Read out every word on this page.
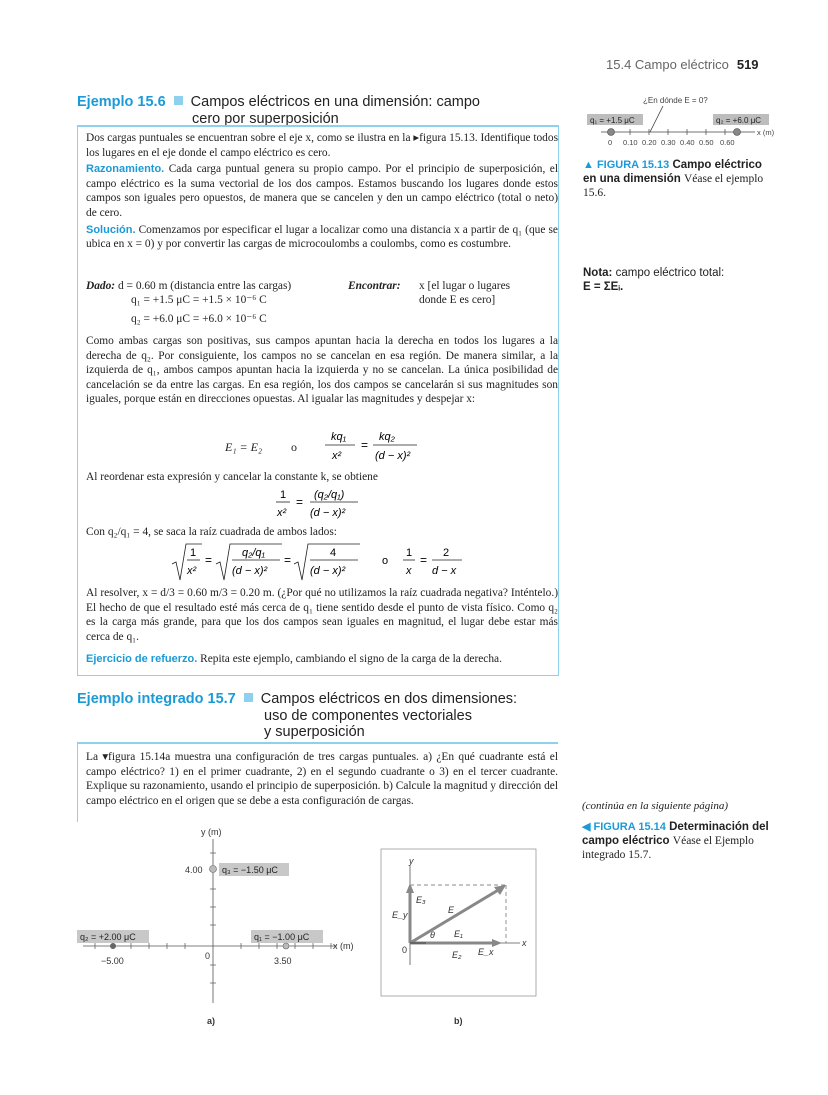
15.4 Campo eléctrico 519
Ejemplo 15.6 Campos eléctricos en una dimensión: campo
cero por superposición
Dos cargas puntuales se encuentran sobre el eje x, como se ilustra en la ▸figura 15.13. Identifique todos los lugares en el eje donde el campo eléctrico es cero.
Razonamiento. Cada carga puntual genera su propio campo. Por el principio de superposición, el campo eléctrico es la suma vectorial de los dos campos. Estamos buscando los lugares donde estos campos son iguales pero opuestos, de manera que se cancelen y den un campo eléctrico (total o neto) de cero.
Solución. Comenzamos por especificar el lugar a localizar como una distancia x a partir de q₁ (que se ubica en x = 0) y por convertir las cargas de microcoulombs a coulombs, como es costumbre.
Dado: d = 0.60 m (distancia entre las cargas)
q₁ = +1.5 μC = +1.5 × 10⁻⁶ C
q₂ = +6.0 μC = +6.0 × 10⁻⁶ C
Encontrar: x [el lugar o lugares
donde E es cero]
Como ambas cargas son positivas, sus campos apuntan hacia la derecha en todos los lugares a la derecha de q₂. Por consiguiente, los campos no se cancelan en esa región. De manera similar, a la izquierda de q₁, ambos campos apuntan hacia la izquierda y no se cancelan. La única posibilidad de cancelación se da entre las cargas. En esa región, los dos campos se cancelarán si sus magnitudes son iguales, porque están en direcciones opuestas. Al igualar las magnitudes y despejar x:
E₁ = E₂ o
kq₁
x²
=
kq₂
(d − x)²
Al reordenar esta expresión y cancelar la constante k, se obtiene
1
x²
= (q₂/q₁)
(d − x)²
Con q₂/q₁ = 4, se saca la raíz cuadrada de ambos lados:
1
x²
=	q₂/q₁
(d − x)²
=	4
(d − x)²
o
1
x
= 2
d − x
Al resolver, x = d/3 = 0.60 m/3 = 0.20 m. (¿Por qué no utilizamos la raíz cuadrada negativa? Inténtelo.) El hecho de que el resultado esté más cerca de q₁ tiene sentido desde el punto de vista físico. Como q₂ es la carga más grande, para que los dos campos sean iguales en magnitud, el lugar debe estar más cerca de q₁.
Ejercicio de refuerzo. Repita este ejemplo, cambiando el signo de la carga de la derecha.
¿En dónde E = 0?
q₁ = +1.5 μC	q₂ = +6.0 μC
x (m)
0 0.10 0.20 0.30 0.40 0.50 0.60
▲ FIGURA 15.13 Campo eléctrico en una dimensión Véase el ejemplo 15.6.
Nota: campo eléctrico total:
E = ΣEᵢ.
Ejemplo integrado 15.7 Campos eléctricos en dos dimensiones:
uso de componentes vectoriales
y superposición
La ▾figura 15.14a muestra una configuración de tres cargas puntuales. a) ¿En qué cuadrante está el campo eléctrico? 1) en el primer cuadrante, 2) en el segundo cuadrante o 3) en el tercer cuadrante. Explique su razonamiento, usando el principio de superposición. b) Calcule la magnitud y dirección del campo eléctrico en el origen que se debe a esta configuración de cargas.	(continúa en la siguiente página)
◀ FIGURA 15.14 Determinación del campo eléctrico Véase el Ejemplo integrado 15.7.
y (m)
q₃ = −1.50 μC
4.00
q₂ = +2.00 μC
−5.00
q₁ = −1.00 μC
0	3.50
x (m)
a)
y
x
0
E₃
E
E_y
θ E₁
E₂ E_x
b)
